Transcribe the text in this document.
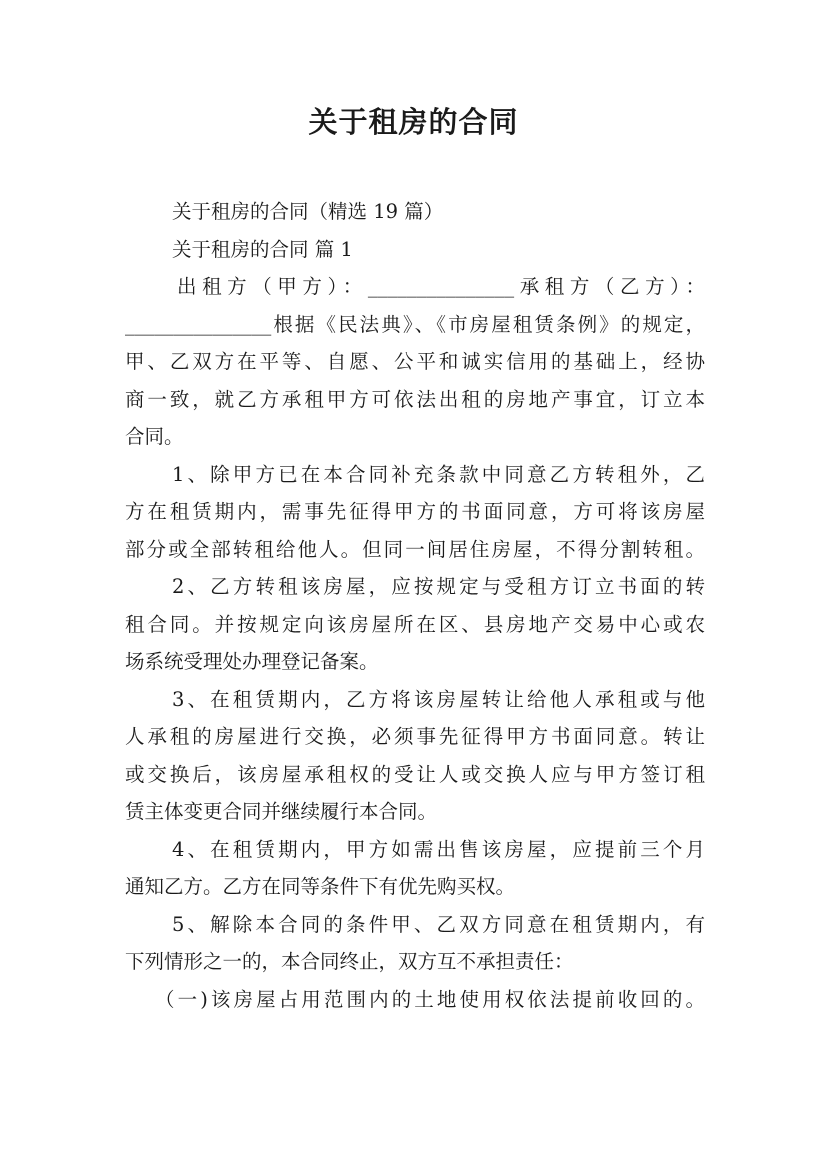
关于租房的合同
关于租房的合同（精选 19 篇）
关于租房的合同 篇 1
出租方（甲方）：_______________承租方（乙方）：
_______________根据《民法典》、《市房屋租赁条例》的规定，
甲、乙双方在平等、自愿、公平和诚实信用的基础上，经协
商一致，就乙方承租甲方可依法出租的房地产事宜，订立本
合同。
1、除甲方已在本合同补充条款中同意乙方转租外，乙
方在租赁期内，需事先征得甲方的书面同意，方可将该房屋
部分或全部转租给他人。但同一间居住房屋，不得分割转租。
2、乙方转租该房屋，应按规定与受租方订立书面的转
租合同。并按规定向该房屋所在区、县房地产交易中心或农
场系统受理处办理登记备案。
3、在租赁期内，乙方将该房屋转让给他人承租或与他
人承租的房屋进行交换，必须事先征得甲方书面同意。转让
或交换后，该房屋承租权的受让人或交换人应与甲方签订租
赁主体变更合同并继续履行本合同。
4、在租赁期内，甲方如需出售该房屋，应提前三个月
通知乙方。乙方在同等条件下有优先购买权。
5、解除本合同的条件甲、乙双方同意在租赁期内，有
下列情形之一的，本合同终止，双方互不承担责任：
（一)该房屋占用范围内的土地使用权依法提前收回的。
